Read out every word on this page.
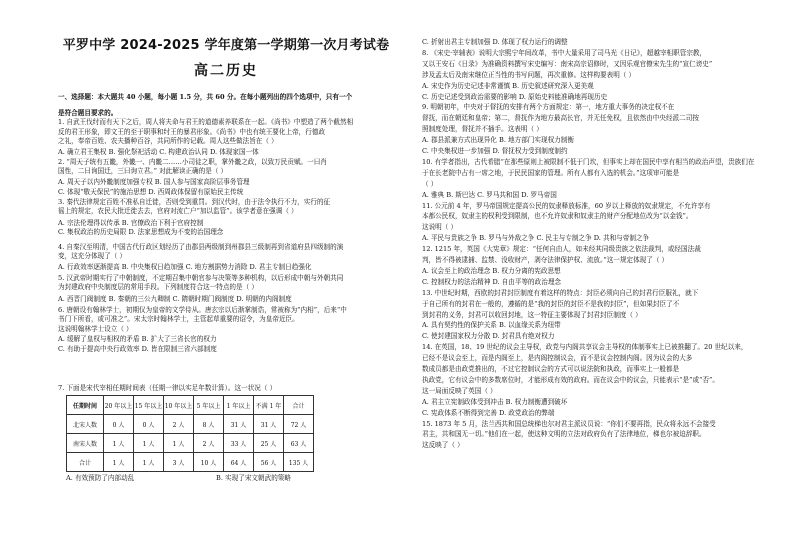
平罗中学 2024-2025 学年度第一学期第一次月考试卷
高二历史
一、选择题：本大题共 40 小题，每小题 1.5 分，共 60 分。在每小题列出的四个选项中，只有一个
是符合题目要求的。
1. 自武王伐纣而有天下之后，周人将夫命与君王的道德素养联系在一起。《尚书》中塑造了两个截然相
反的君王形象，即文王的至于职事和纣王的暴君形象。《尚书》中也有统王要化上帝，行德政
之礼，奉帝百姓、农夫播种百谷，共同所作的记载。周人这些做法旨在（ ）
A. 确立君王集权 B. 强化祭祀活动 C. 构建政治认同 D. 体现家国一体
2. “周天子统有五畿，外畿一、内畿二……小司徒之职，掌外畿之政，以致万民贡赋。一曰肖
国性，二曰询国迁，三曰询立君。” 对此解读正确的是（ ）
A. 周天子以内外畿制度加强专权 B. 国人参与国家高阶层事务管理
C. 体现“敬天保民”的施治思想 D. 西周政体保留有原始民主传统
3. 秦代法律规定百姓不准私自迁徙，否则受到重罚。到汉代时，由于法令执行不力，实行的征
徭上的规定，农民大批迁徙去去，官府对流亡户“加以监管”。该学者意在强调（ ）
A. 宗法伦理得以传承 B. 官僚政治下利于官府控制
C. 集权政治的历史局限 D. 法家思想成为不变的治国理念
4. 自秦汉至明清，中国古代行政区划经历了由郡县两级制到州郡县三级制再到省道府县四级制的演
变，这充分体现了（ ）
A. 行政效率逐渐提高 B. 中央集权日趋加强 C. 地方割据势力消除 D. 君主专制日趋强化
5. 汉武帝时期实行了中朝制度，不定期召集中朝官参与决策等多种机构，以后形成中朝与外朝共同
为封建政府中央制度层的常用手段。下列制度符合这一特点的是（ ）
A. 西晋门阀制度 B. 秦朝的三公九卿制 C. 隋朝时期门阀制度 D. 明朝的内阁制度
6. 唐朝设有翰林学士，初期仅为皇帝的文学侍从。唐玄宗以后渐掌制诰，常被称为“内相”，后来“中
书门下所看，或可准之”。宋太宗时翰林学士，主管起草重要的诏令，为皇帝近臣。
这说明翰林学士设立（ ）
A. 缓解了皇权与相权的矛盾 B. 扩大了三省长官的权力
C. 有助于提高中央行政效率 D. 皆在限制三省六部制度
7. 下面是宋代宰相任期时间表（任期一律以实足年数计算）。这一状况（ ）
任期时间	20 年以上	15 年以上	10 年以上	5 年以上	1 年以上	不满 1 年	合计
北宋人数	0 人	0 人	2 人	8 人	31 人	31 人	72 人
南宋人数	1 人	1 人	1 人	2 人	33 人	25 人	63 人
合计	1 人	1 人	3 人	10 人	64 人	56 人	135 人
A. 有效预防了内部动乱	B. 实现了宋文朝武的策略
C. 折射出君主专制加强 D. 体现了权力运行的调整
8. 《宋史·宰辅表》说明大宗熙宁年间改革，书中大量采用了司马光《日记》，超越宰相职管宗教，
又以王安石《日录》为准确资料撰写宋史编写：南宋高宗诏修时，又因乐观官僚宋先生的“宣仁谤史”
涉及孟太后及南宋继位正当性的书写问题，再次重修。这样构要表明（ ）
A. 宋史作为历史记述非常谨慎 B. 历史叙述研究深入更美观
C. 历史记述受到政治需要的影响 D. 原始史料能准确地再现历史
9. 明朝初年，中央对于督抚的安排有两个方面规定：第一，地方重大事务的决定权不在
督抚，而在朝廷和皇帝；第二，督抚作为地方最高长官，并无任免权，且依然由中央经派二司按
照制度处理，督抚并不插手。这表明（ ）
A. 郡县派兼方式出现异化 B. 地方部门实现权力制衡
C. 中央集权进一步加强 D. 督抚权力受到制度制约
10. 有学者指出，古代希腊“在那些原则上被限制不低于门坎，但事实上却在国民中享有相当的政治声望，贵族们在
于在长老院中占有一席之地，于民民国家的管理。所有人都有入选的机会。”这项审可能是
（ ）
A. 雅典 B. 斯巴达 C. 罗马共和国 D. 罗马帝国
11. 公元前 4 年，罗马帝国规定提高公民的奴隶释放标准，60 岁以上释放的奴隶规定，不允许享有
本都公民权，奴隶主的权利受到限制，也不允许奴隶和奴隶主的财产分配地位改为“以金钱”。
这说明（ ）
A. 平民与贵族之争 B. 罗马与外敌之争 C. 民主与专制之争 D. 共和与帝制之争
12. 1215 年，英国《大宪章》规定：“任何自由人，如未经其同级贵族之依法裁判，或经国法裁
判，皆不得被逮捕、监禁、没收财产，剥夺法律保护权、流放。”这一规定体现了（ ）
A. 议会至上的政治理念 B. 权力分离的宪政思想
C. 控制权力的法治精神 D. 自由平等的政治理念
13. 中世纪时期，西欧的封君封臣制度有着这样的特点：封臣必须向自己的封君行臣服礼，就下
于自己所有的封君在一般的，遵循的是“我的封臣的封臣不是我的封臣”，但如果封臣了不
到封君的义务，封君可以收回封地，这一特征主要体现了封君封臣制度（ ）
A. 具有契约性的保护关系 B. 以血缘关系为纽带
C. 使封建国家权力分散 D. 封君具有绝对权力
14. 在英国，18、19 世纪的议会主导权，政党与内阁共享议会主导权的体制事实上已被推翻了。20 世纪以来，
已经不是议会至上，而是内阁至上，是内阁控制议会，而不是议会控制内阁。因为议会的大多
数成员都是由政党推出的，不过它控制议会的方式可以说法院和执政，而事实上一般都是
执政党，它有议会中的多数席位时，才能形成有效的政府。而在议会中的议会，只能表示“是”或“否”。
这一局面反映了英国（ ）
A. 君主立宪制政体受到冲击 B. 权力制衡遭到破坏
C. 宪政体系不断得到完善 D. 政党政治的弊端
15. 1873 年 5 月，法兰西共和国总统梯也尔对君主派议员说：“你们不要再指，民众将永远不会接受
君主，共和国无一切。”他们在一起，使这种文明的立法对政府负有了法律地位，梯也尔被迫辞职。
这反映了（ ）
